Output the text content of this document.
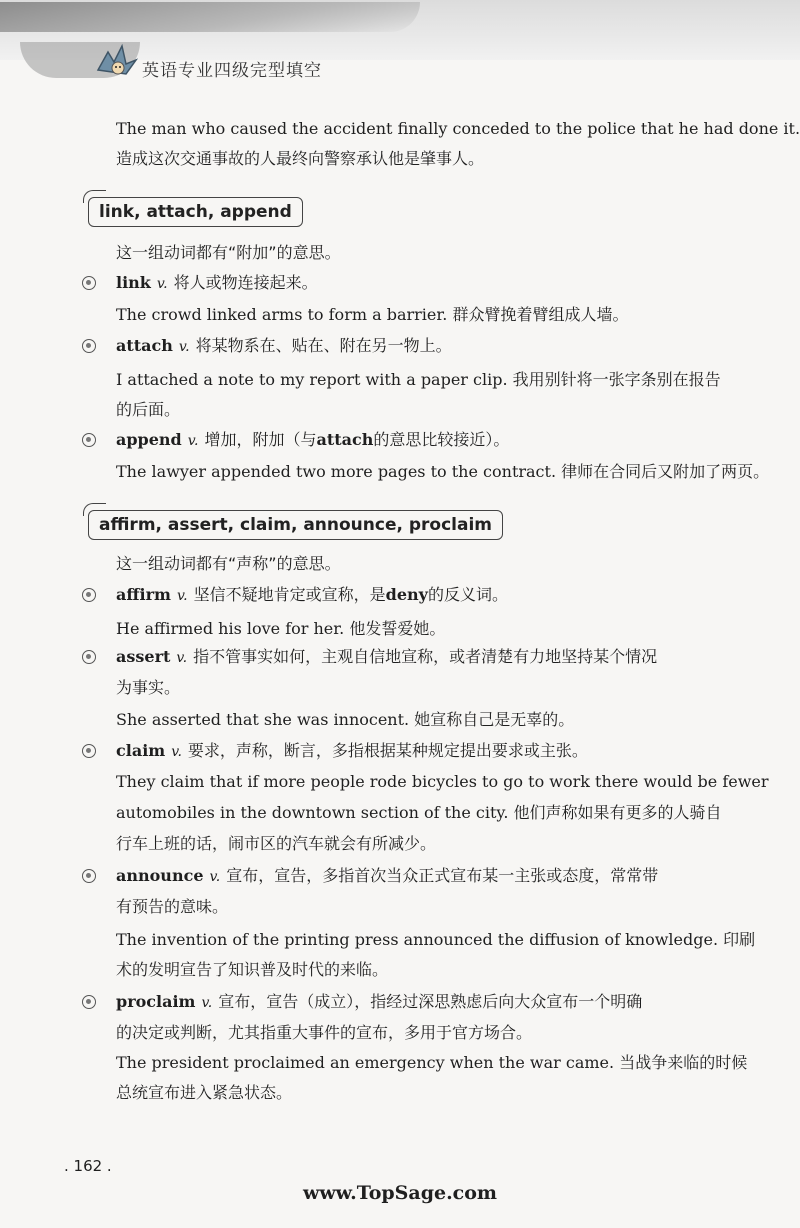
英语专业四级完型填空
The man who caused the accident finally conceded to the police that he had done it.
造成这次交通事故的人最终向警察承认他是肇事人。
link, attach, append
这一组动词都有“附加”的意思。
link v. 将人或物连接起来。
The crowd linked arms to form a barrier. 群众臂挽着臂组成人墙。
attach v. 将某物系在、贴在、附在另一物上。
I attached a note to my report with a paper clip. 我用别针将一张字条别在报告
的后面。
append v. 增加，附加（与attach的意思比较接近）。
The lawyer appended two more pages to the contract. 律师在合同后又附加了两页。
affirm, assert, claim, announce, proclaim
这一组动词都有“声称”的意思。
affirm v. 坚信不疑地肯定或宣称，是deny的反义词。
He affirmed his love for her. 他发誓爱她。
assert v. 指不管事实如何，主观自信地宣称，或者清楚有力地坚持某个情况
为事实。
She asserted that she was innocent. 她宣称自己是无辜的。
claim v. 要求，声称，断言，多指根据某种规定提出要求或主张。
They claim that if more people rode bicycles to go to work there would be fewer
automobiles in the downtown section of the city. 他们声称如果有更多的人骑自
行车上班的话，闹市区的汽车就会有所减少。
announce v. 宣布，宣告，多指首次当众正式宣布某一主张或态度，常常带
有预告的意味。
The invention of the printing press announced the diffusion of knowledge. 印刷
术的发明宣告了知识普及时代的来临。
proclaim v. 宣布，宣告（成立），指经过深思熟虑后向大众宣布一个明确
的决定或判断，尤其指重大事件的宣布，多用于官方场合。
The president proclaimed an emergency when the war came. 当战争来临的时候
总统宣布进入紧急状态。
. 162 .
www.TopSage.com
